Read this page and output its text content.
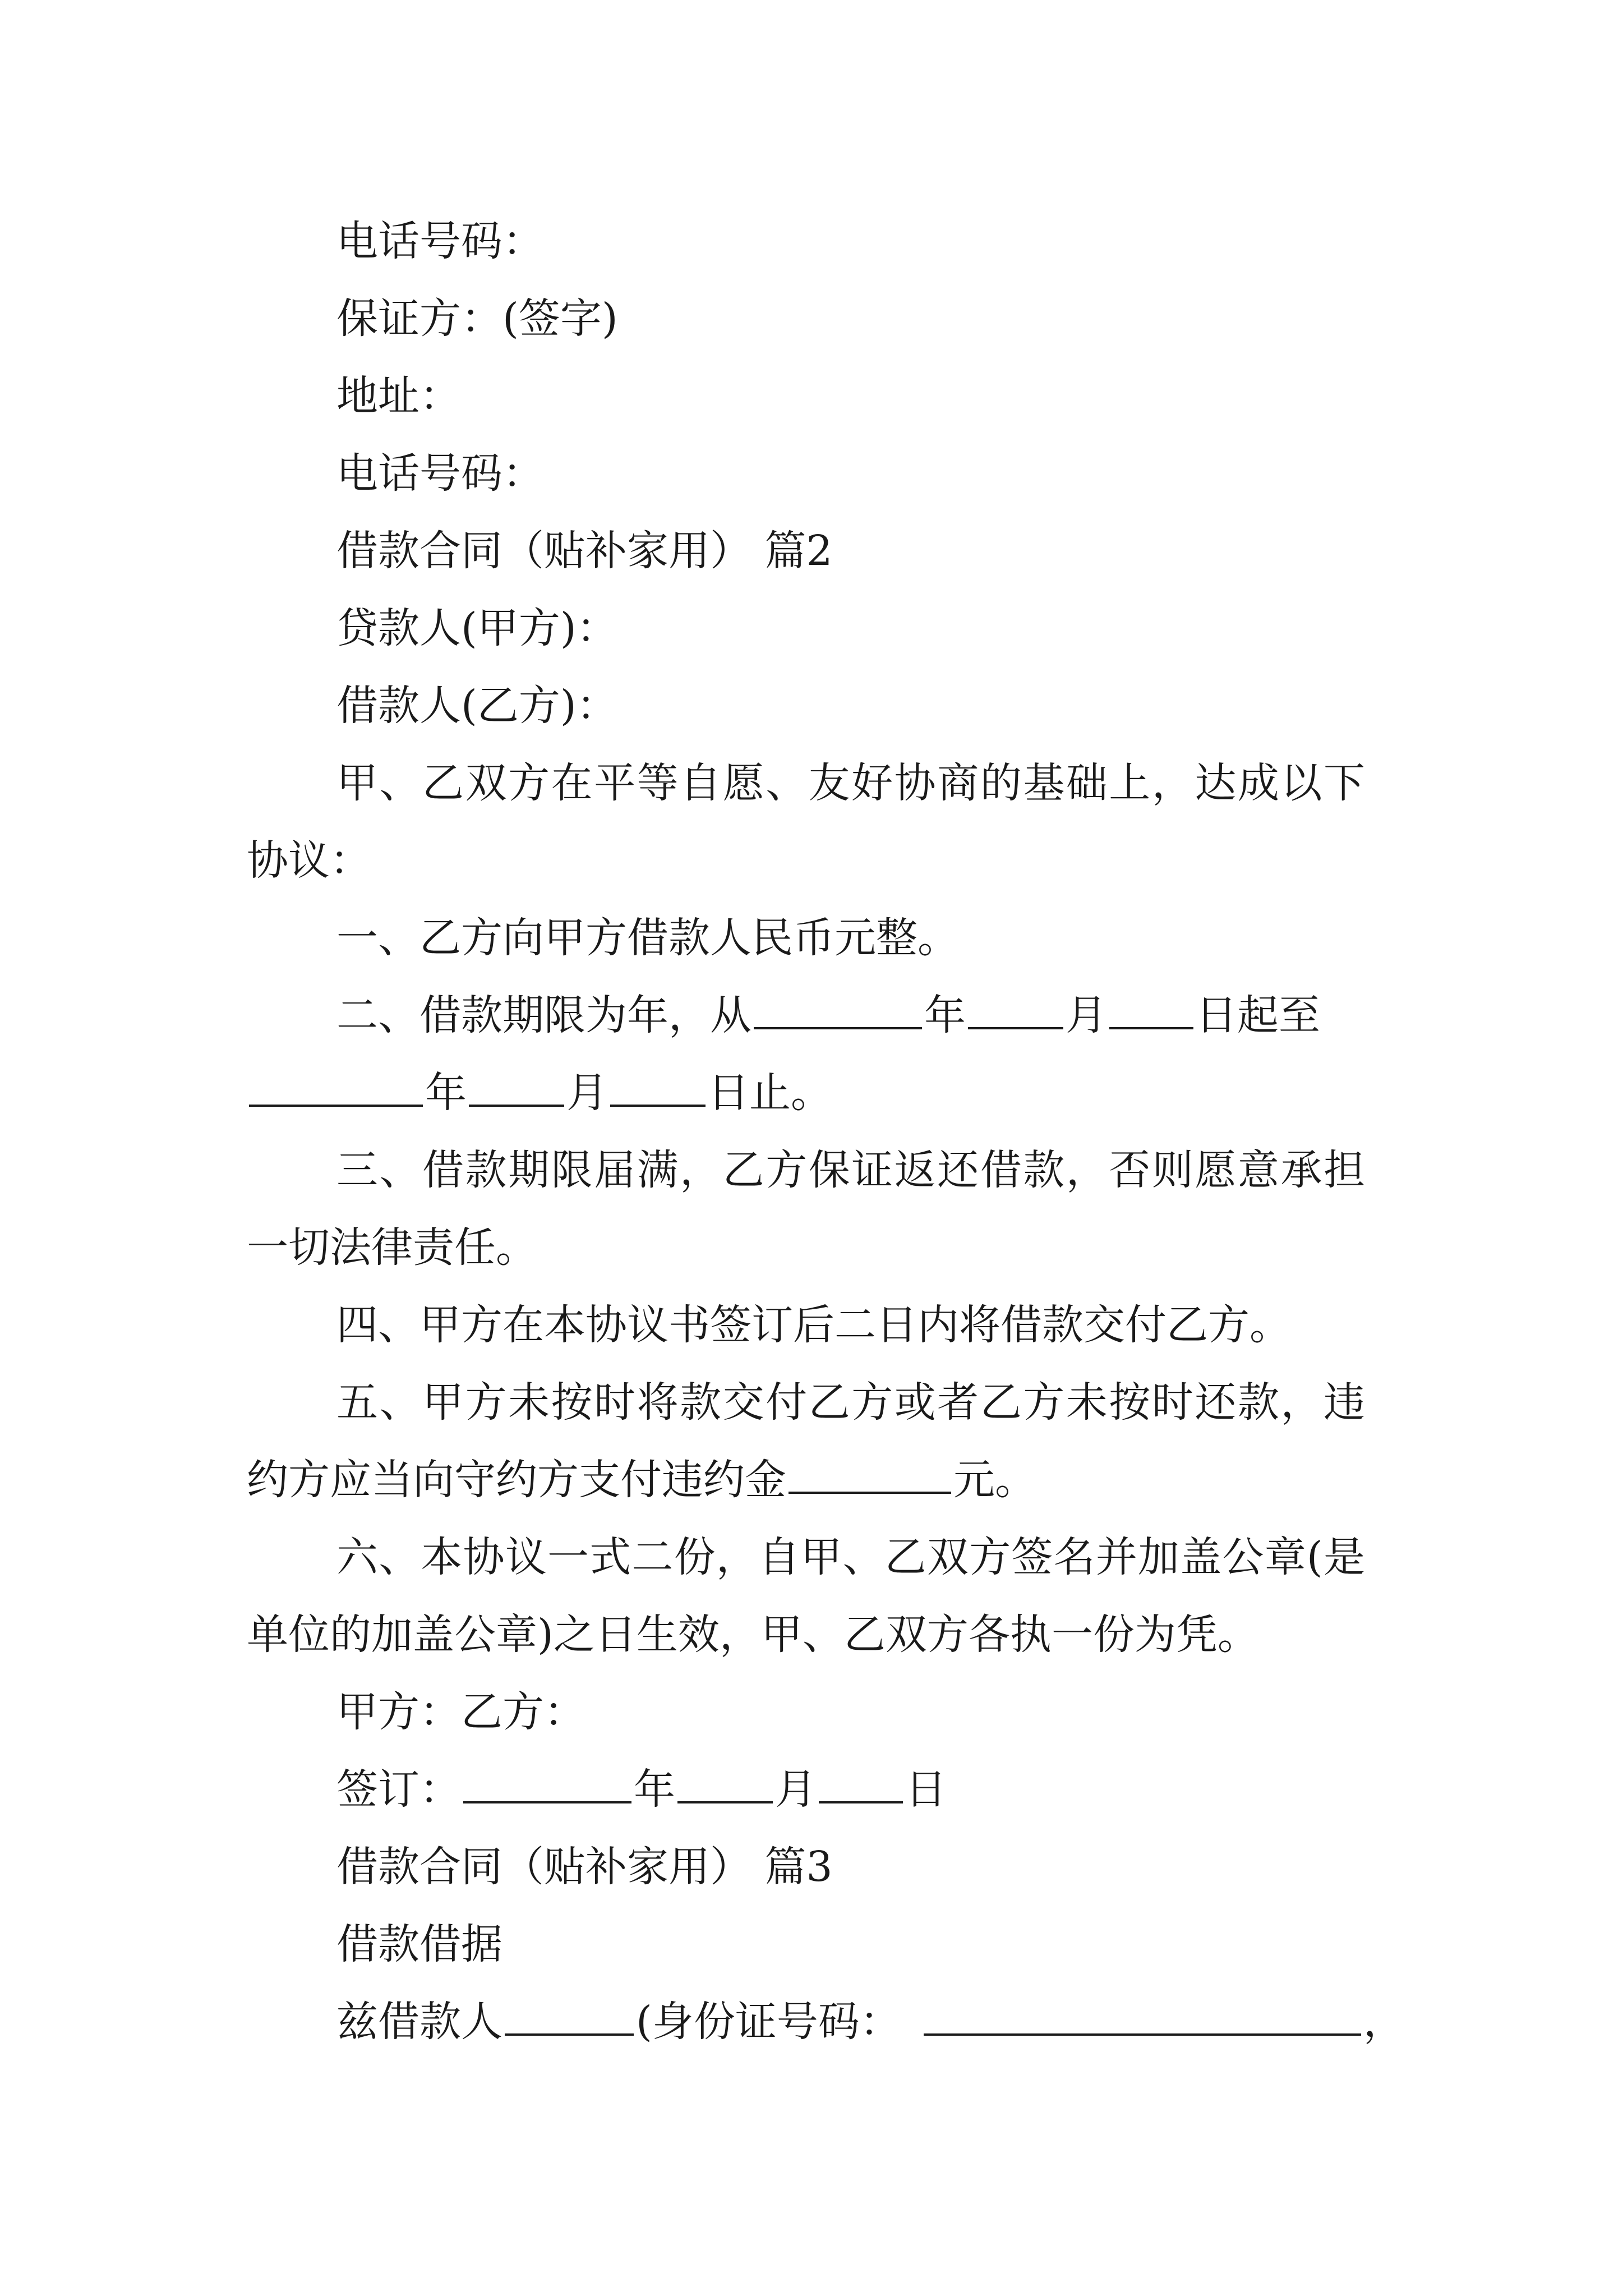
电话号码：
保证方：(签字)
地址：
电话号码：
借款合同（贴补家用） 篇2
贷款人(甲方)：
借款人(乙方)：
甲、乙双方在平等自愿、友好协商的基础上，达成以下
协议：
一、乙方向甲方借款人民币元整。
二、借款期限为年，从	年 月 日起至
年 月 日止。
三、借款期限届满，乙方保证返还借款，否则愿意承担
一切法律责任。
四、甲方在本协议书签订后二日内将借款交付乙方。
五、甲方未按时将款交付乙方或者乙方未按时还款，违
约方应当向守约方支付违约金	元。
六、本协议一式二份，自甲、乙双方签名并加盖公章(是
单位的加盖公章)之日生效，甲、乙双方各执一份为凭。
甲方：乙方：
签订：	年 月 日
借款合同（贴补家用） 篇3
借款借据
兹借款人	(身份证号码：	，
